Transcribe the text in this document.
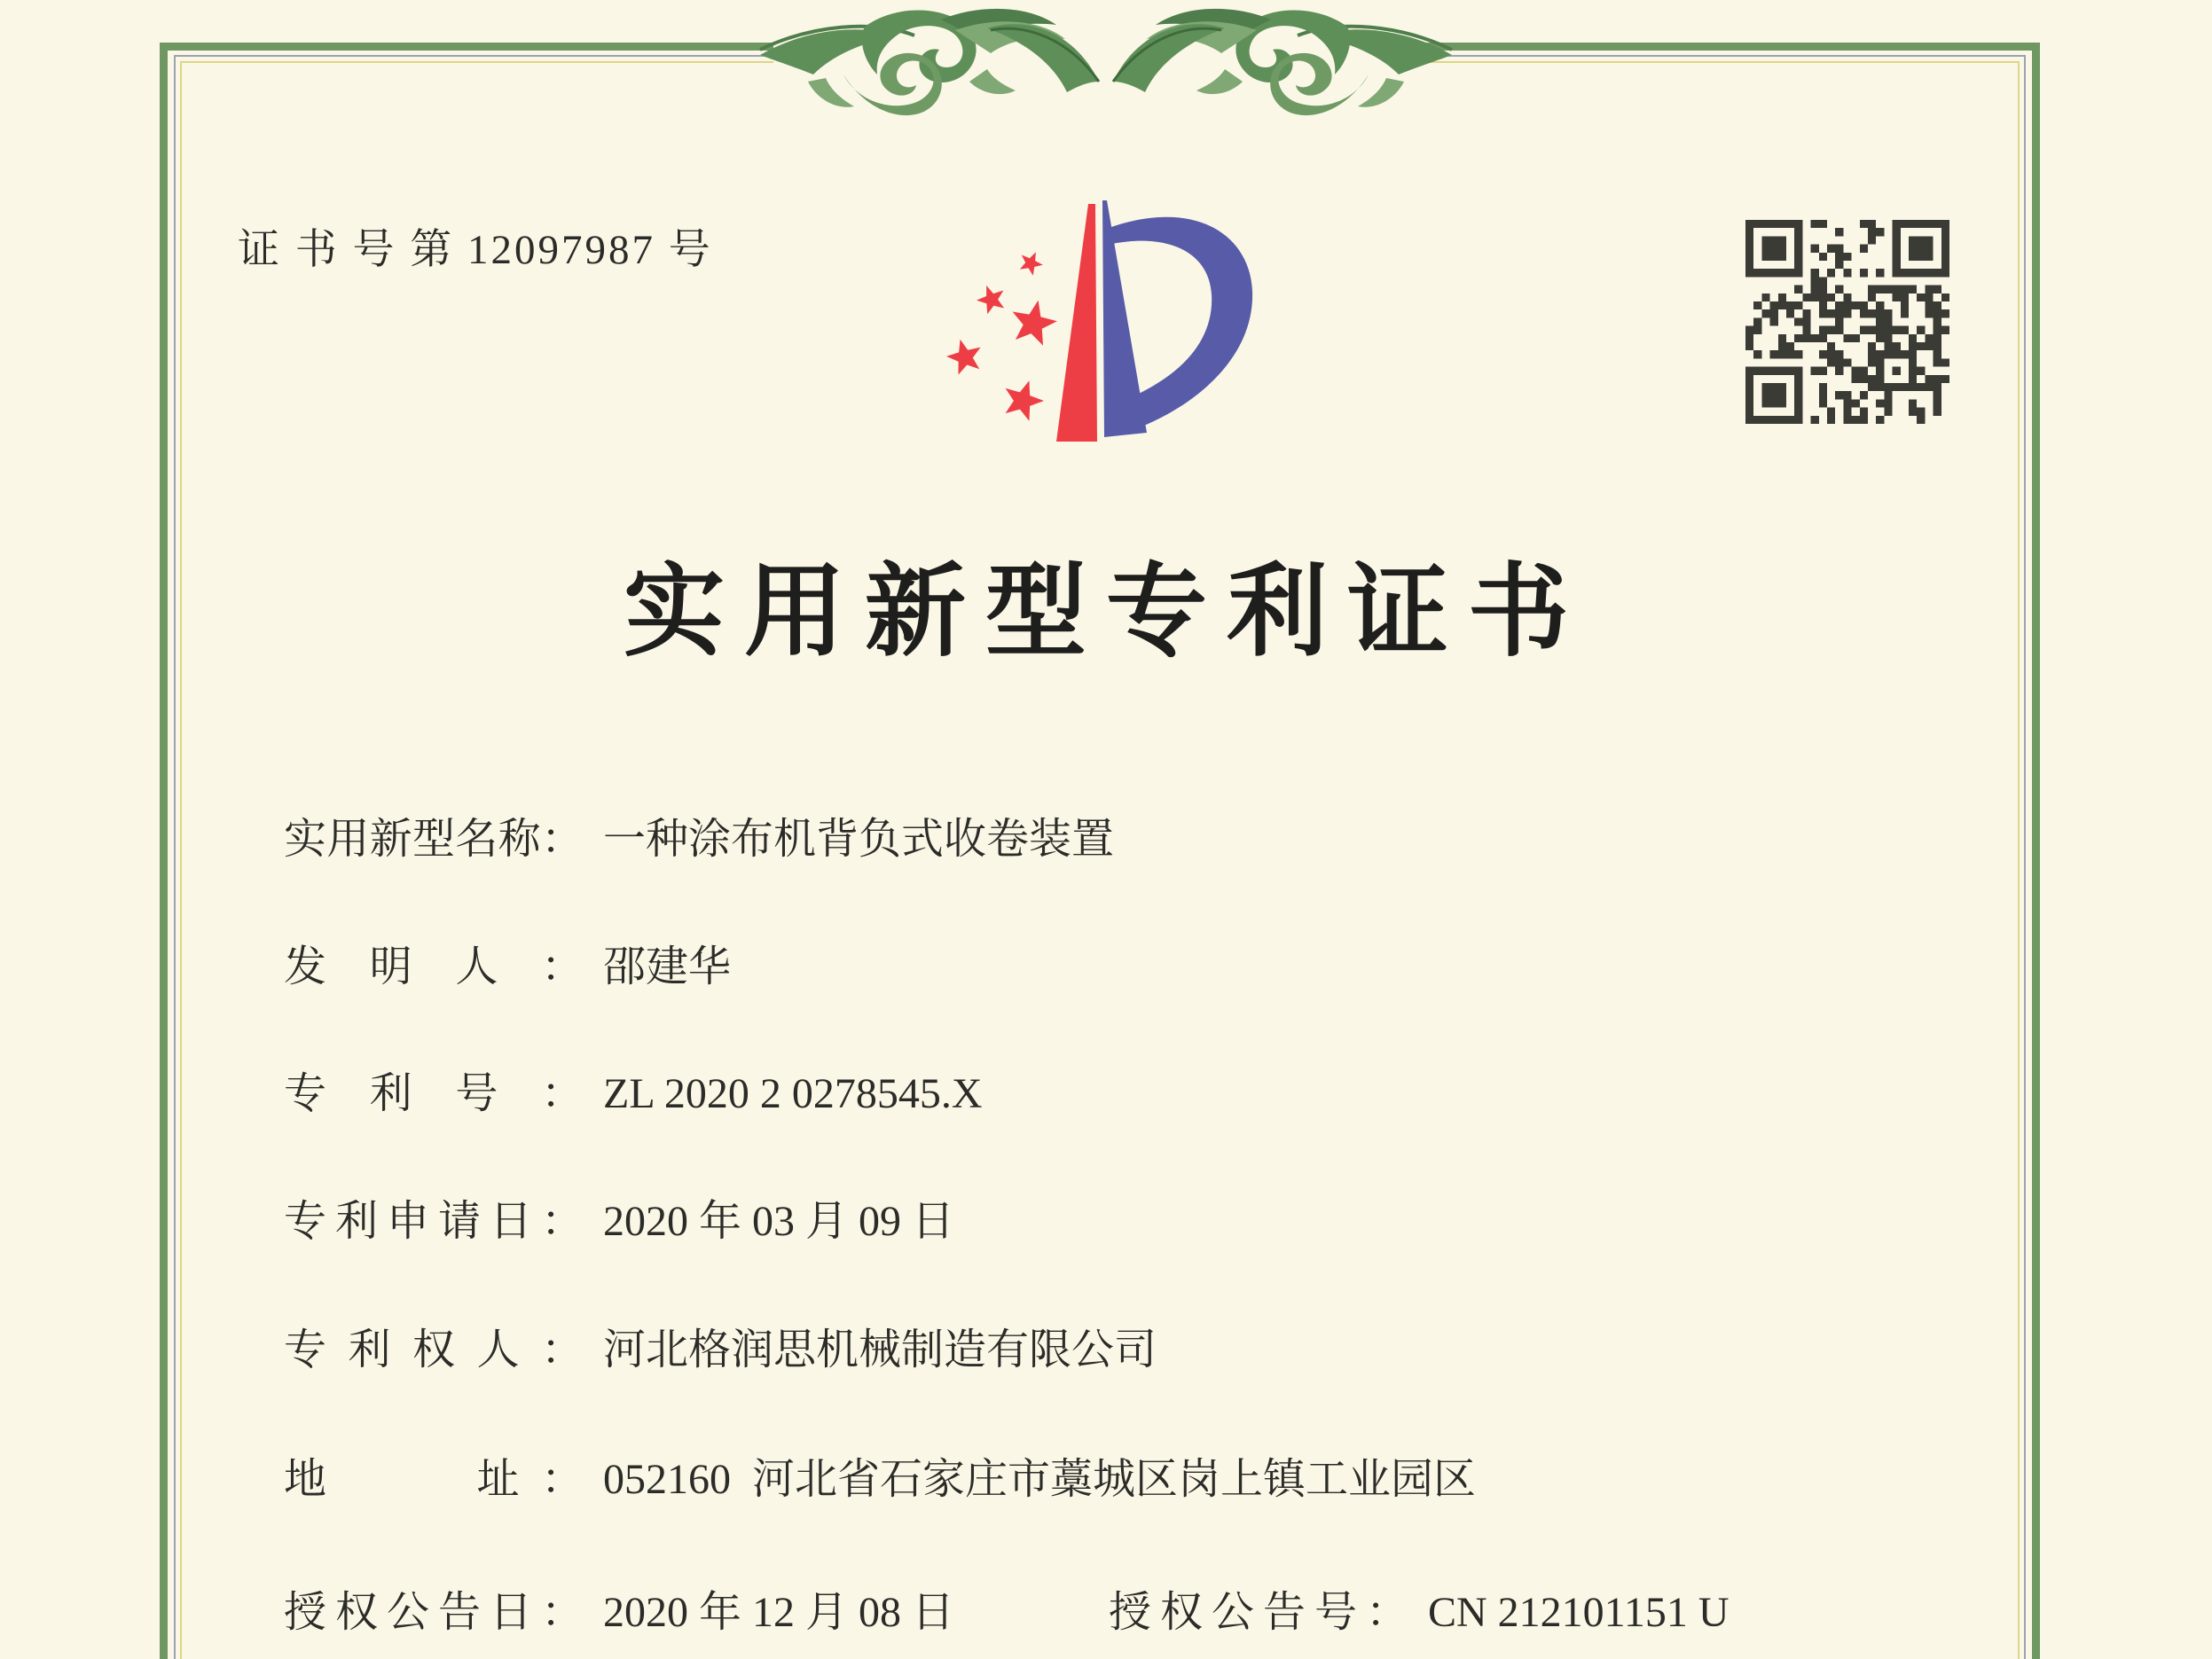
证 书 号 第 12097987 号
实用新型专利证书
实用新型名称： 一种涂布机背负式收卷装置
发明人： 邵建华
专利号： ZL 2020 2 0278545.X
专利申请日： 2020 年 03 月 09 日
专利权人： 河北格润思机械制造有限公司
地　　址： 052160  河北省石家庄市藁城区岗上镇工业园区
授权公告日： 2020 年 12 月 08 日	授权公告号： CN 212101151 U
